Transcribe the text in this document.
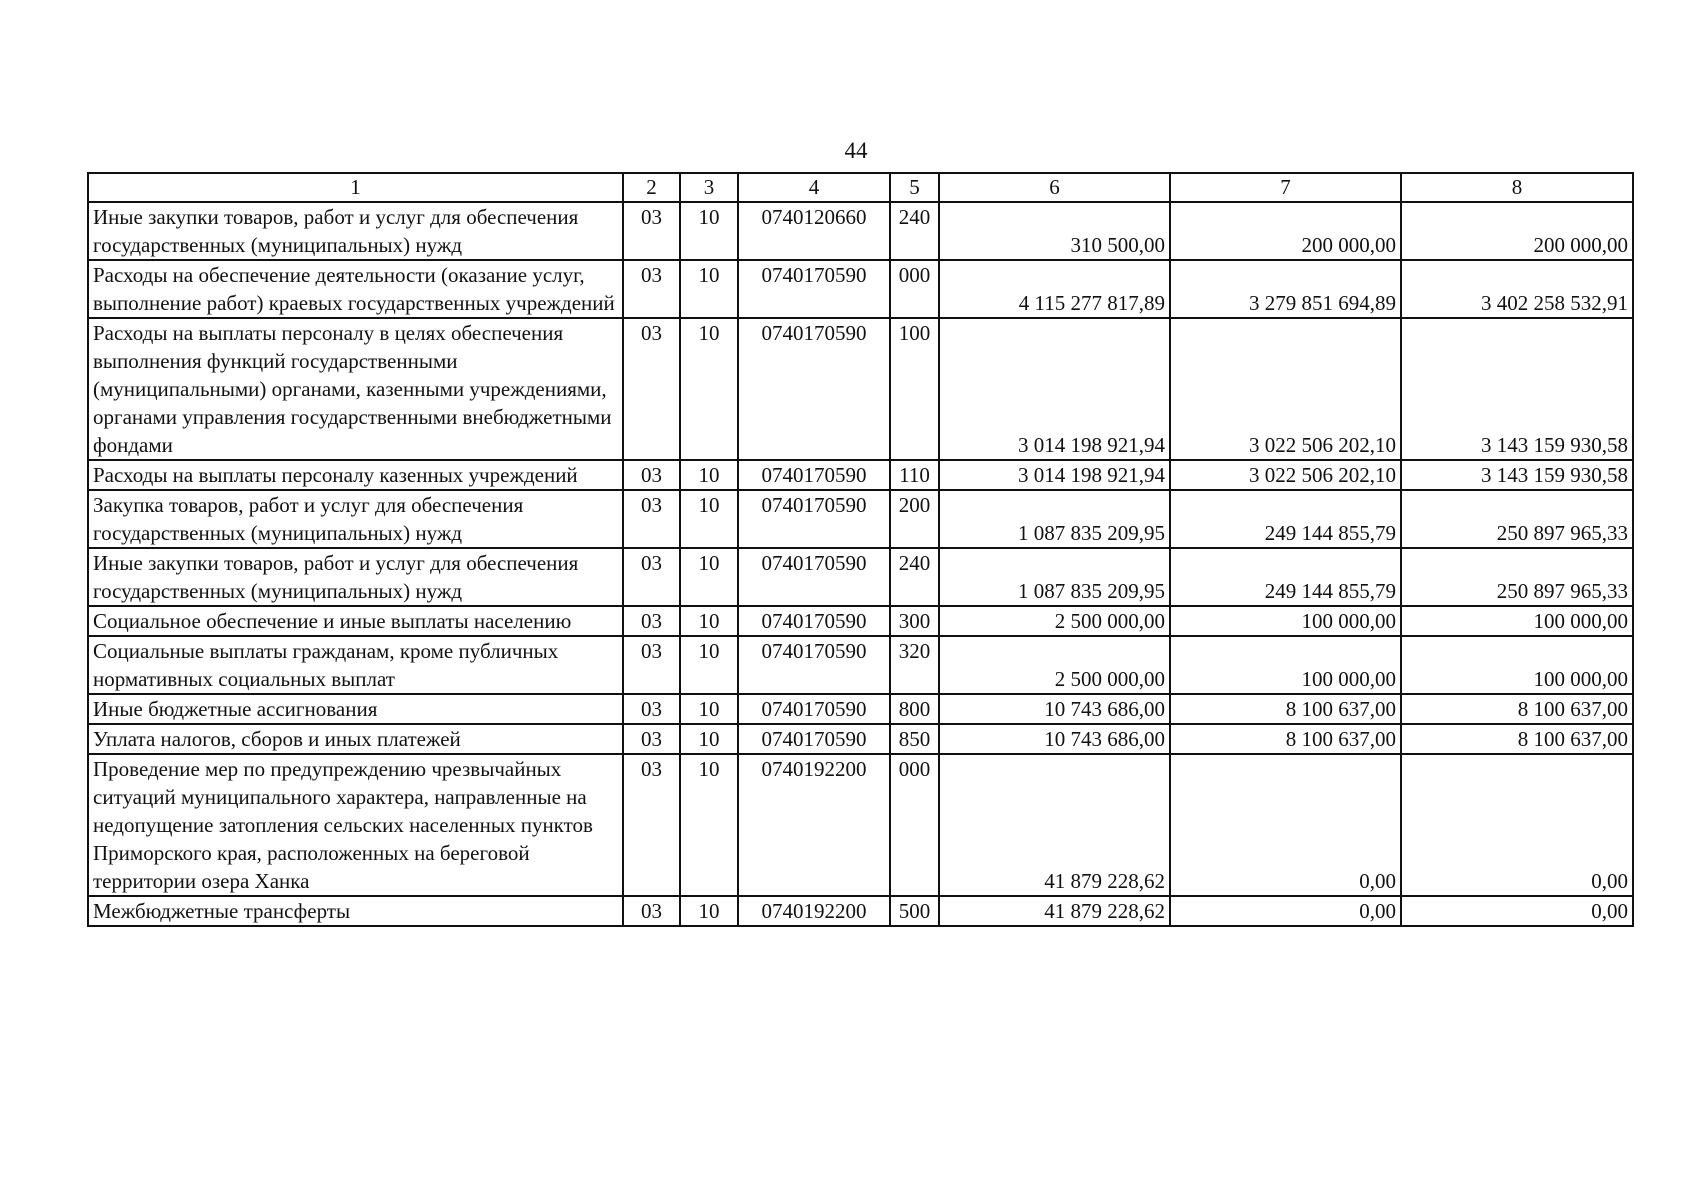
44
1	2	3	4	5	6	7	8
Иные закупки товаров, работ и услуг для обеспечения государственных (муниципальных) нужд	03	10	0740120660	240	310 500,00	200 000,00	200 000,00
Расходы на обеспечение деятельности (оказание услуг, выполнение работ) краевых государственных учреждений	03	10	0740170590	000	4 115 277 817,89	3 279 851 694,89	3 402 258 532,91
Расходы на выплаты персоналу в целях обеспечения выполнения функций государственными (муниципальными) органами, казенными учреждениями, органами управления государственными внебюджетными фондами	03	10	0740170590	100	3 014 198 921,94	3 022 506 202,10	3 143 159 930,58
Расходы на выплаты персоналу казенных учреждений	03	10	0740170590	110	3 014 198 921,94	3 022 506 202,10	3 143 159 930,58
Закупка товаров, работ и услуг для обеспечения государственных (муниципальных) нужд	03	10	0740170590	200	1 087 835 209,95	249 144 855,79	250 897 965,33
Иные закупки товаров, работ и услуг для обеспечения государственных (муниципальных) нужд	03	10	0740170590	240	1 087 835 209,95	249 144 855,79	250 897 965,33
Социальное обеспечение и иные выплаты населению	03	10	0740170590	300	2 500 000,00	100 000,00	100 000,00
Социальные выплаты гражданам, кроме публичных нормативных социальных выплат	03	10	0740170590	320	2 500 000,00	100 000,00	100 000,00
Иные бюджетные ассигнования	03	10	0740170590	800	10 743 686,00	8 100 637,00	8 100 637,00
Уплата налогов, сборов и иных платежей	03	10	0740170590	850	10 743 686,00	8 100 637,00	8 100 637,00
Проведение мер по предупреждению чрезвычайных ситуаций муниципального характера, направленные на недопущение затопления сельских населенных пунктов Приморского края, расположенных на береговой территории озера Ханка	03	10	0740192200	000	41 879 228,62	0,00	0,00
Межбюджетные трансферты	03	10	0740192200	500	41 879 228,62	0,00	0,00
